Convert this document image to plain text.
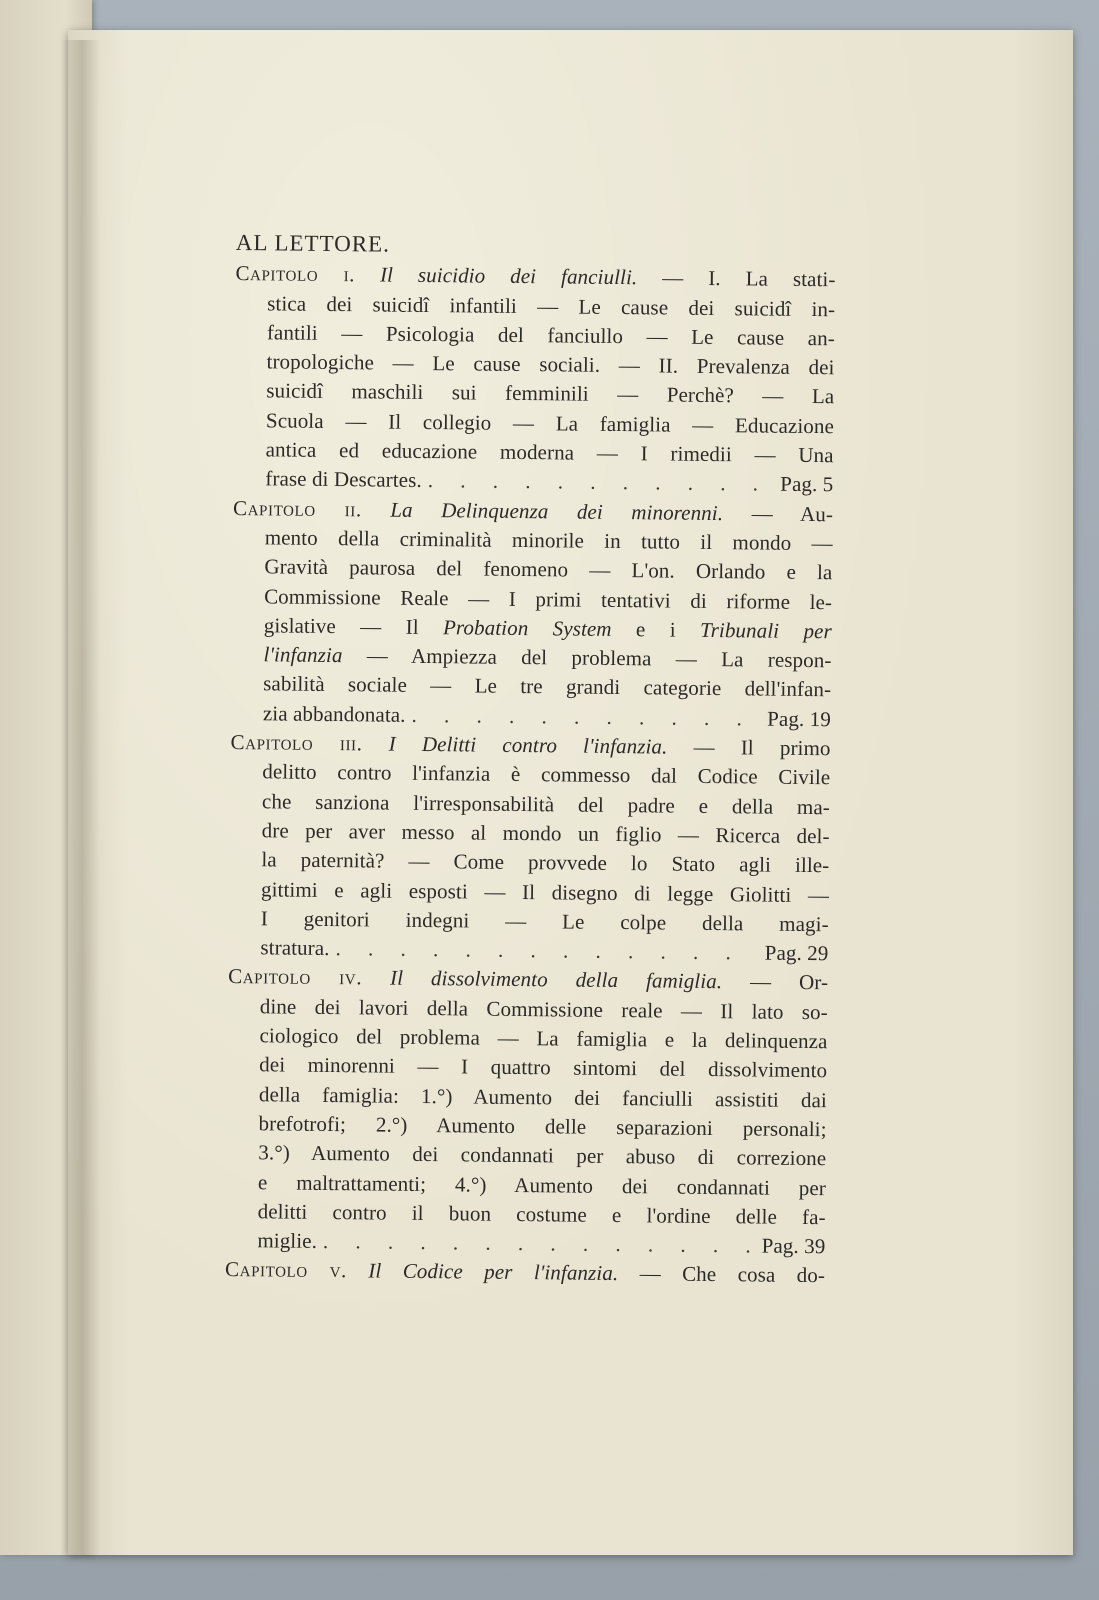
AL LETTORE.
Capitolo i. Il suicidio dei fanciulli. — I. La stati-
stica dei suicidî infantili — Le cause dei suicidî in-
fantili — Psicologia del fanciullo — Le cause an-
tropologiche — Le cause sociali. — II. Prevalenza dei
suicidî maschili sui femminili — Perchè? — La
Scuola — Il collegio — La famiglia — Educazione
antica ed educazione moderna — I rimedii — Una
frase di Descartes. . . .	Pag. 5
Capitolo ii. La Delinquenza dei minorenni. — Au-
mento della criminalità minorile in tutto il mondo —
Gravità paurosa del fenomeno — L'on. Orlando e la
Commissione Reale — I primi tentativi di riforme le-
gislative — Il Probation System e i Tribunali per
l'infanzia — Ampiezza del problema — La respon-
sabilità sociale — Le tre grandi categorie dell'infan-
zia abbandonata. . . .	Pag. 19
Capitolo iii. I Delitti contro l'infanzia. — Il primo
delitto contro l'infanzia è commesso dal Codice Civile
che sanziona l'irresponsabilità del padre e della ma-
dre per aver messo al mondo un figlio — Ricerca del-
la paternità? — Come provvede lo Stato agli ille-
gittimi e agli esposti — Il disegno di legge Giolitti —
I genitori indegni — Le colpe della magi-
stratura. . . .	Pag. 29
Capitolo iv. Il dissolvimento della famiglia. — Or-
dine dei lavori della Commissione reale — Il lato so-
ciologico del problema — La famiglia e la delinquenza
dei minorenni — I quattro sintomi del dissolvimento
della famiglia: 1.°) Aumento dei fanciulli assistiti dai
brefotrofi; 2.°) Aumento delle separazioni personali;
3.°) Aumento dei condannati per abuso di correzione
e maltrattamenti; 4.°) Aumento dei condannati per
delitti contro il buon costume e l'ordine delle fa-
miglie. . . .	Pag. 39
Capitolo v. Il Codice per l'infanzia. — Che cosa do-
